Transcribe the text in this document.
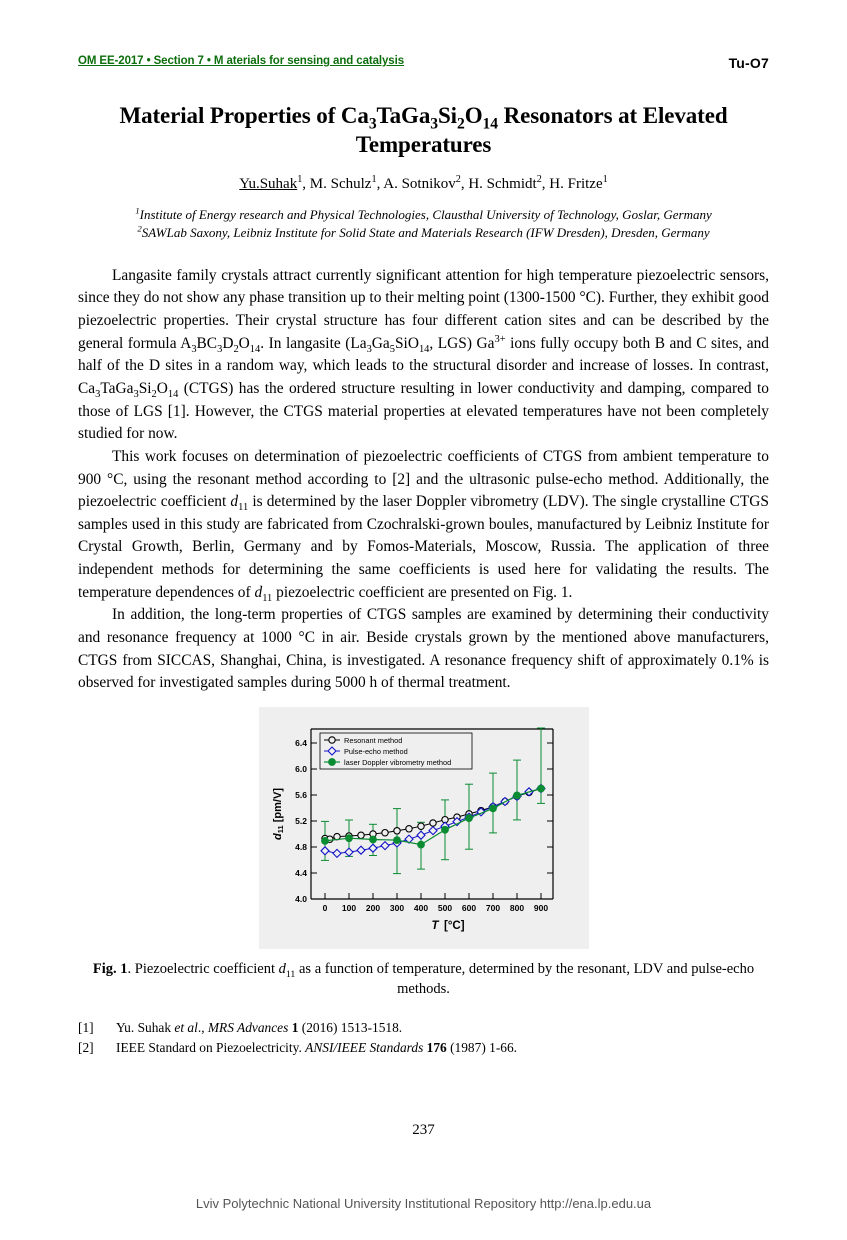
OM EE-2017 • Section 7 • M aterials for sensing and catalysis	Tu-O7
Material Properties of $Ca_3TaGa_3Si_2O_{14}$ Resonators at Elevated Temperatures
Yu.Suhak$^1$, M. Schulz$^1$, A. Sotnikov$^2$, H. Schmidt$^2$, H. Fritze$^1$
$^1$Institute of Energy research and Physical Technologies, Clausthal University of Technology, Goslar, Germany
$^2$SAWLab Saxony, Leibniz Institute for Solid State and Materials Research (IFW Dresden), Dresden, Germany

Langasite family crystals attract currently significant attention for high temperature piezoelectric sensors, since they do not show any phase transition up to their melting point (1300-1500 °C). Further, they exhibit good piezoelectric properties. Their crystal structure has four different cation sites and can be described by the general formula $A_3BC_3D_2O_{14}$. In langasite ($La_3Ga_5SiO_{14}$, LGS) $Ga^{3+}$ ions fully occupy both B and C sites, and half of the D sites in a random way, which leads to the structural disorder and increase of losses. In contrast, $Ca_3TaGa_3Si_2O_{14}$ (CTGS) has the ordered structure resulting in lower conductivity and damping, compared to those of LGS [1]. However, the CTGS material properties at elevated temperatures have not been completely studied for now.

This work focuses on determination of piezoelectric coefficients of CTGS from ambient temperature to 900 °C, using the resonant method according to [2] and the ultrasonic pulse-echo method. Additionally, the piezoelectric coefficient $d_{11}$ is determined by the laser Doppler vibrometry (LDV). The single crystalline CTGS samples used in this study are fabricated from Czochralski-grown boules, manufactured by Leibniz Institute for Crystal Growth, Berlin, Germany and by Fomos-Materials, Moscow, Russia. The application of three independent methods for determining the same coefficients is used here for validating the results. The temperature dependences of $d_{11}$ piezoelectric coefficient are presented on Fig. 1.

In addition, the long-term properties of CTGS samples are examined by determining their conductivity and resonance frequency at 1000 °C in air. Beside crystals grown by the mentioned above manufacturers, CTGS from SICCAS, Shanghai, China, is investigated. A resonance frequency shift of approximately 0.1% is observed for investigated samples during 5000 h of thermal treatment.

4.0
4.4
4.8
5.2
5.6
6.0
6.4
0 100 200 300 400 500 600 700 800 900
T [°C]
d11 [pm/V]
Resonant method
Pulse-echo method
laser Doppler vibrometry method
Fig. 1. Piezoelectric coefficient $d_{11}$ as a function of temperature, determined by the resonant, LDV and pulse-echo methods.
[1]	Yu. Suhak et al., MRS Advances 1 (2016) 1513-1518.
[2]	IEEE Standard on Piezoelectricity. ANSI/IEEE Standards 176 (1987) 1-66.
237
Lviv Polytechnic National University Institutional Repository http://ena.lp.edu.ua
